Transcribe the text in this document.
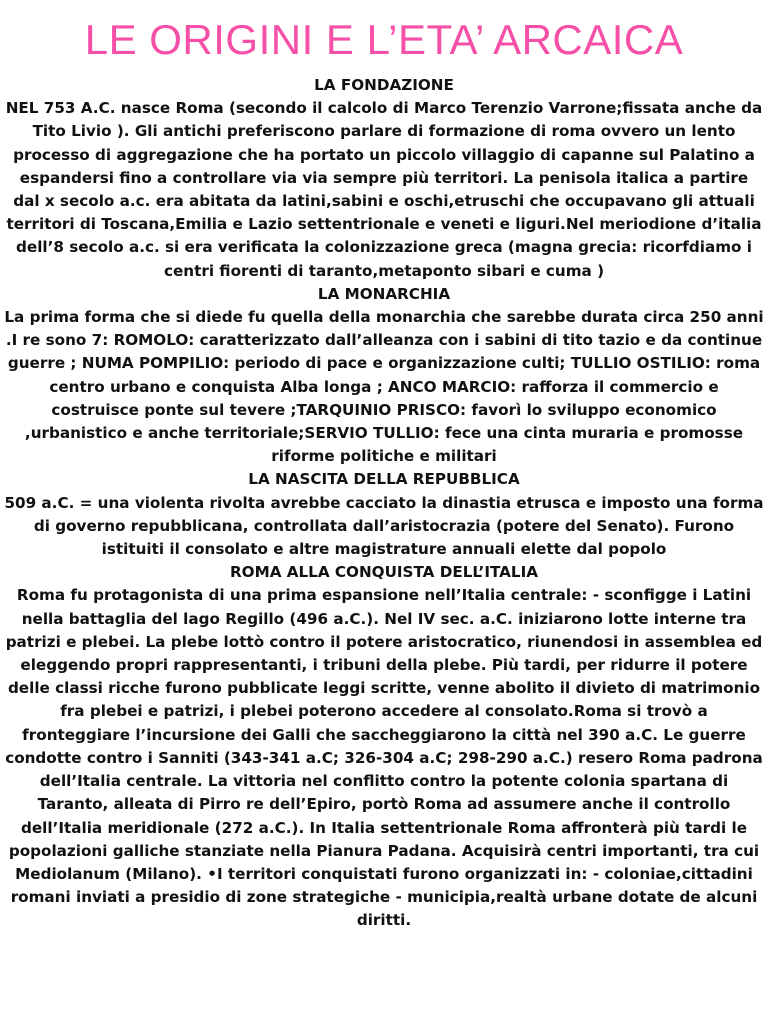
LE ORIGINI E L’ETA’ ARCAICA

LA FONDAZIONE

NEL 753 A.C. nasce Roma (secondo il calcolo di Marco Terenzio Varrone;fissata anche da Tito Livio ). Gli antichi preferiscono parlare di formazione di roma ovvero un lento processo di aggregazione che ha portato un piccolo villaggio di capanne sul Palatino a espandersi fino a controllare via via sempre più territori. La penisola italica a partire dal x secolo a.c. era abitata da latini,sabini e oschi,etruschi che occupavano gli attuali territori di Toscana,Emilia e Lazio settentrionale e veneti e liguri.Nel meriodione d’italia dell’8 secolo a.c. si era verificata la colonizzazione greca (magna grecia: ricorfdiamo i centri fiorenti di taranto,metaponto sibari e cuma )

LA MONARCHIA

La prima forma che si diede fu quella della monarchia che sarebbe durata circa 250 anni .I re sono 7: ROMOLO: caratterizzato dall’alleanza con i sabini di tito tazio e da continue guerre ; NUMA POMPILIO: periodo di pace e organizzazione culti; TULLIO OSTILIO: roma centro urbano e conquista Alba longa ; ANCO MARCIO: rafforza il commercio e costruisce ponte sul tevere ;TARQUINIO PRISCO: favorì lo sviluppo economico ,urbanistico e anche territoriale;SERVIO TULLIO: fece una cinta muraria e promosse riforme politiche e militari

LA NASCITA DELLA REPUBBLICA

509 a.C. = una violenta rivolta avrebbe cacciato la dinastia etrusca e imposto una forma di governo repubblicana, controllata dall’aristocrazia (potere del Senato). Furono istituiti il consolato e altre magistrature annuali elette dal popolo

ROMA ALLA CONQUISTA DELL’ITALIA

Roma fu protagonista di una prima espansione nell’Italia centrale: - sconfigge i Latini nella battaglia del lago Regillo (496 a.C.). Nel IV sec. a.C. iniziarono lotte interne tra patrizi e plebei. La plebe lottò contro il potere aristocratico, riunendosi in assemblea ed eleggendo propri rappresentanti, i tribuni della plebe. Più tardi, per ridurre il potere delle classi ricche furono pubblicate leggi scritte, venne abolito il divieto di matrimonio fra plebei e patrizi, i plebei poterono accedere al consolato.Roma si trovò a fronteggiare l’incursione dei Galli che saccheggiarono la città nel 390 a.C. Le guerre condotte contro i Sanniti (343-341 a.C; 326-304 a.C; 298-290 a.C.) resero Roma padrona dell’Italia centrale. La vittoria nel conflitto contro la potente colonia spartana di Taranto, alleata di Pirro re dell’Epiro, portò Roma ad assumere anche il controllo dell’Italia meridionale (272 a.C.). In Italia settentrionale Roma affronterà più tardi le popolazioni galliche stanziate nella Pianura Padana. Acquisirà centri importanti, tra cui Mediolanum (Milano). •I territori conquistati furono organizzati in: - coloniae,cittadini romani inviati a presidio di zone strategiche - municipia,realtà urbane dotate de alcuni diritti.
